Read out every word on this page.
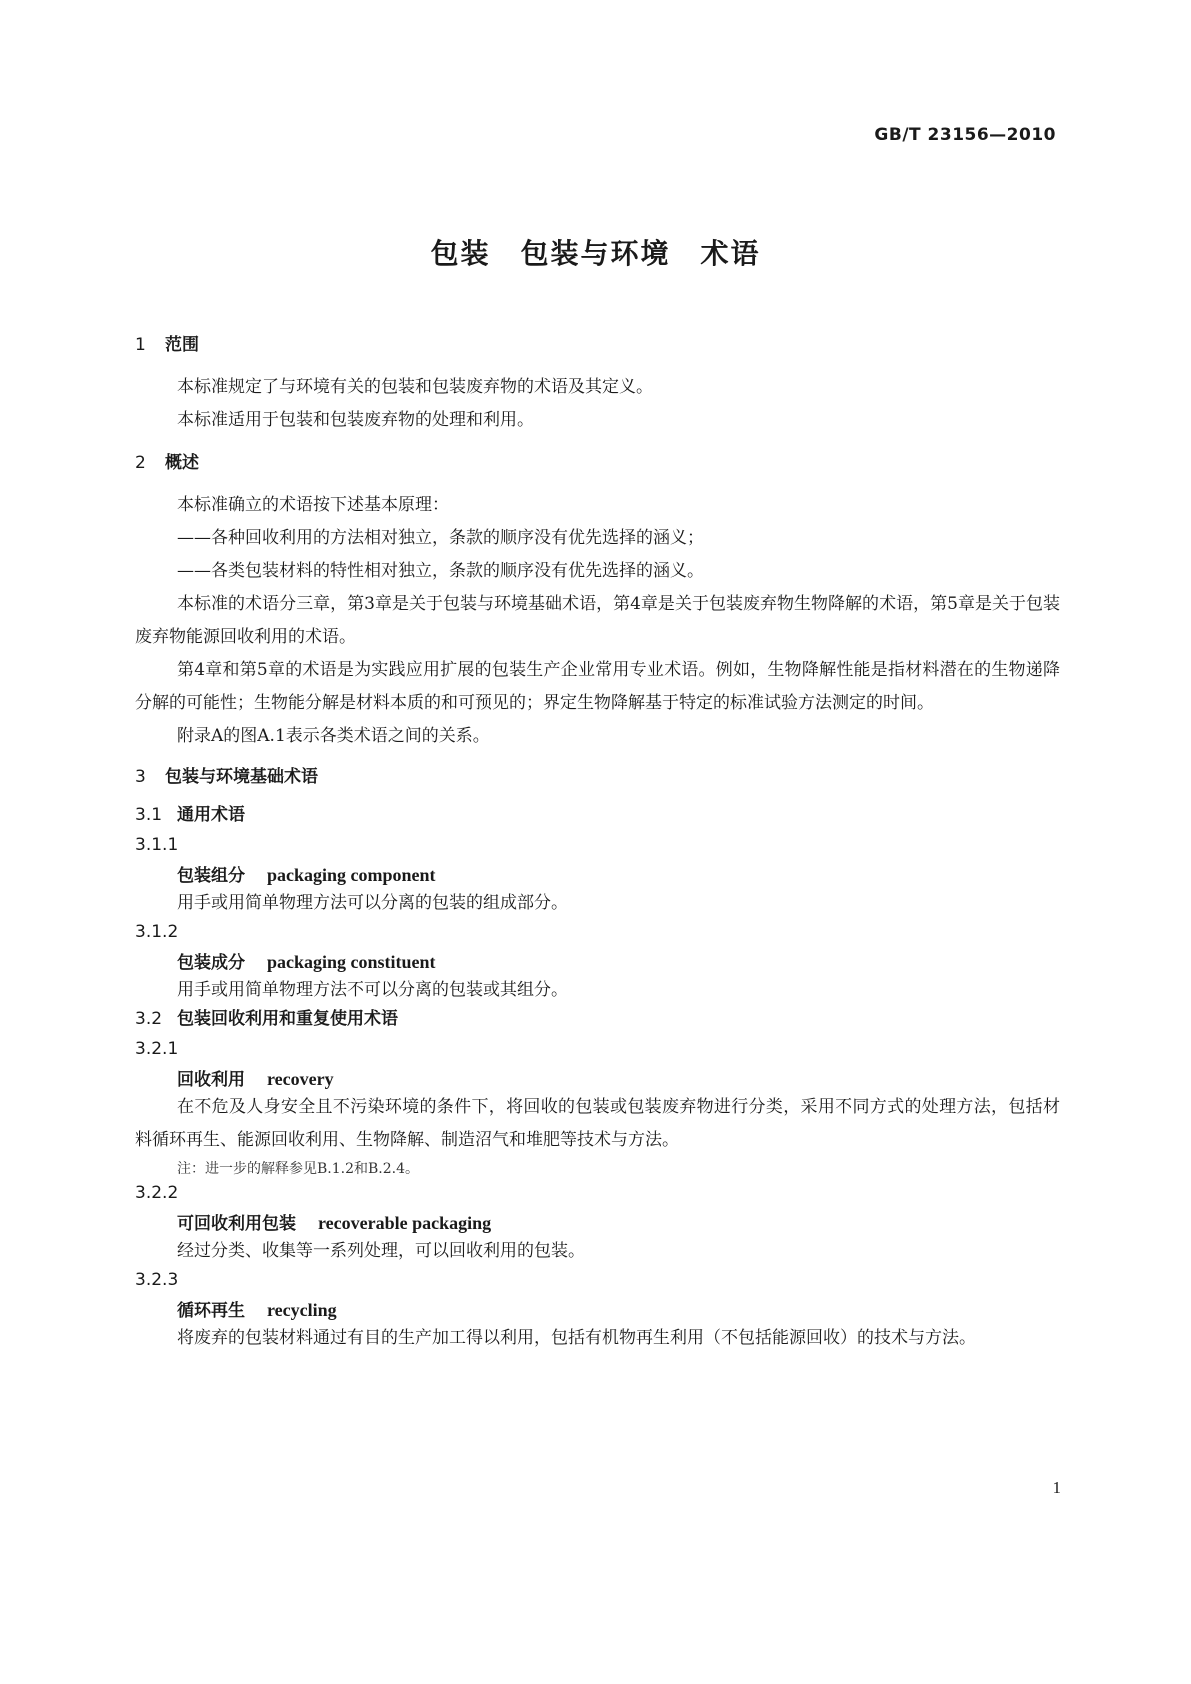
GB/T 23156—2010
包装　包装与环境　术语
1 范围
本标准规定了与环境有关的包装和包装废弃物的术语及其定义。
本标准适用于包装和包装废弃物的处理和利用。
2 概述
本标准确立的术语按下述基本原理：
——各种回收利用的方法相对独立，条款的顺序没有优先选择的涵义；
——各类包装材料的特性相对独立，条款的顺序没有优先选择的涵义。
本标准的术语分三章，第3章是关于包装与环境基础术语，第4章是关于包装废弃物生物降解的术语，第5章是关于包装废弃物能源回收利用的术语。
第4章和第5章的术语是为实践应用扩展的包装生产企业常用专业术语。例如，生物降解性能是指材料潜在的生物递降分解的可能性；生物能分解是材料本质的和可预见的；界定生物降解基于特定的标准试验方法测定的时间。
附录A的图A.1表示各类术语之间的关系。
3 包装与环境基础术语
3.1 通用术语
3.1.1
包装组分 packaging component
用手或用简单物理方法可以分离的包装的组成部分。
3.1.2
包装成分 packaging constituent
用手或用简单物理方法不可以分离的包装或其组分。
3.2 包装回收利用和重复使用术语
3.2.1
回收利用 recovery
在不危及人身安全且不污染环境的条件下，将回收的包装或包装废弃物进行分类，采用不同方式的处理方法，包括材料循环再生、能源回收利用、生物降解、制造沼气和堆肥等技术与方法。
注：进一步的解释参见B.1.2和B.2.4。
3.2.2
可回收利用包装 recoverable packaging
经过分类、收集等一系列处理，可以回收利用的包装。
3.2.3
循环再生 recycling
将废弃的包装材料通过有目的生产加工得以利用，包括有机物再生利用（不包括能源回收）的技术与方法。
1
